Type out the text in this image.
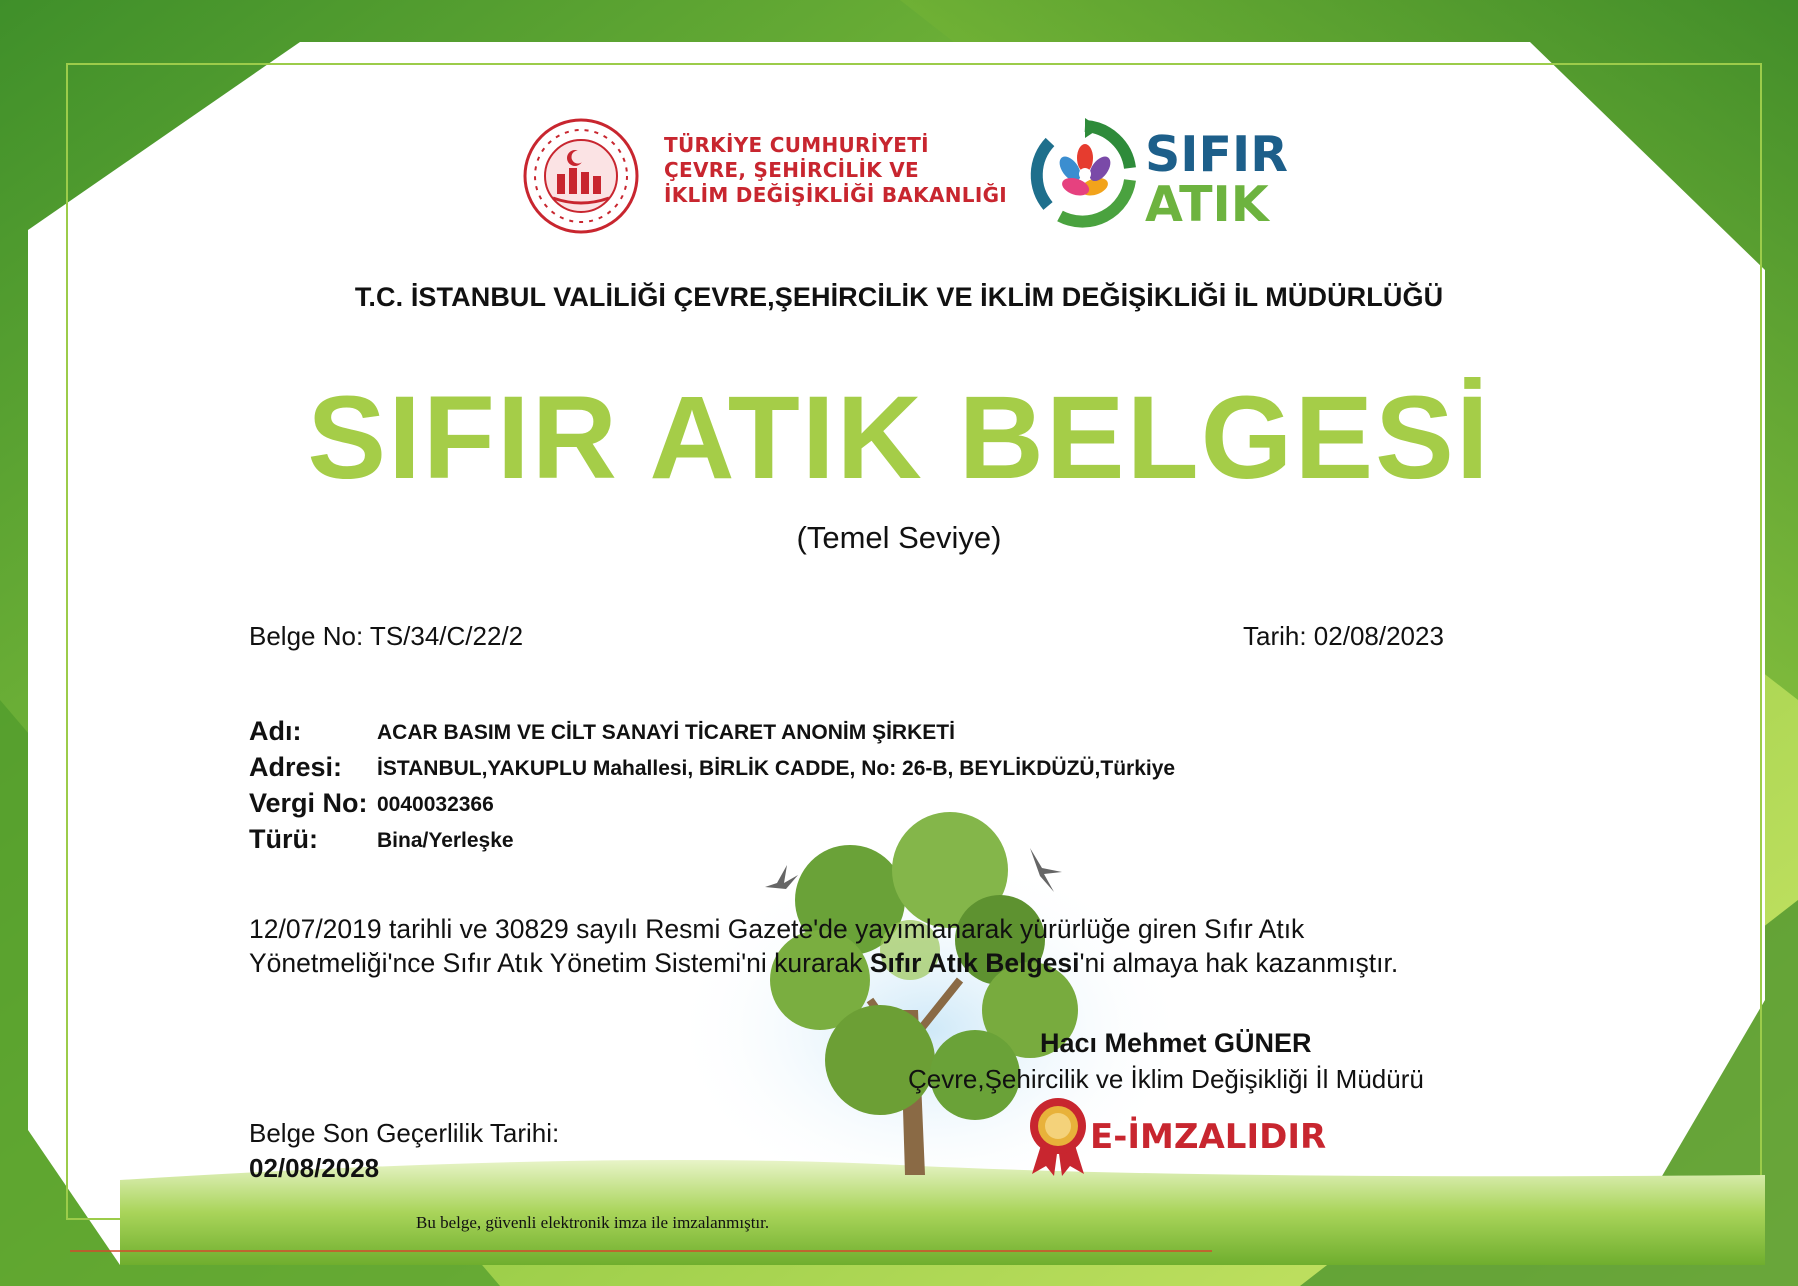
TÜRKİYE CUMHURİYETİ
ÇEVRE, ŞEHİRCİLİK VE
İKLİM DEĞİŞİKLİĞİ BAKANLIĞI
SIFIR
ATIK
T.C. İSTANBUL VALİLİĞİ ÇEVRE,ŞEHİRCİLİK VE İKLİM DEĞİŞİKLİĞİ İL MÜDÜRLÜĞÜ
SIFIR ATIK BELGESİ
(Temel Seviye)
Belge No: TS/34/C/22/2	Tarih: 02/08/2023
Adı:	ACAR BASIM VE CİLT SANAYİ TİCARET ANONİM ŞİRKETİ
Adresi: İSTANBUL,YAKUPLU Mahallesi, BİRLİK CADDE, No: 26-B, BEYLİKDÜZÜ,Türkiye
Vergi No: 0040032366
Türü:	Bina/Yerleşke
12/07/2019 tarihli ve 30829 sayılı Resmi Gazete'de yayımlanarak yürürlüğe giren Sıfır Atık
Yönetmeliği'nce Sıfır Atık Yönetim Sistemi'ni kurarak Sıfır Atık Belgesi'ni almaya hak kazanmıştır.
Hacı Mehmet GÜNER
Çevre,Şehircilik ve İklim Değişikliği İl Müdürü
E-İMZALIDIR
Belge Son Geçerlilik Tarihi:
02/08/2028
Bu belge, güvenli elektronik imza ile imzalanmıştır.
